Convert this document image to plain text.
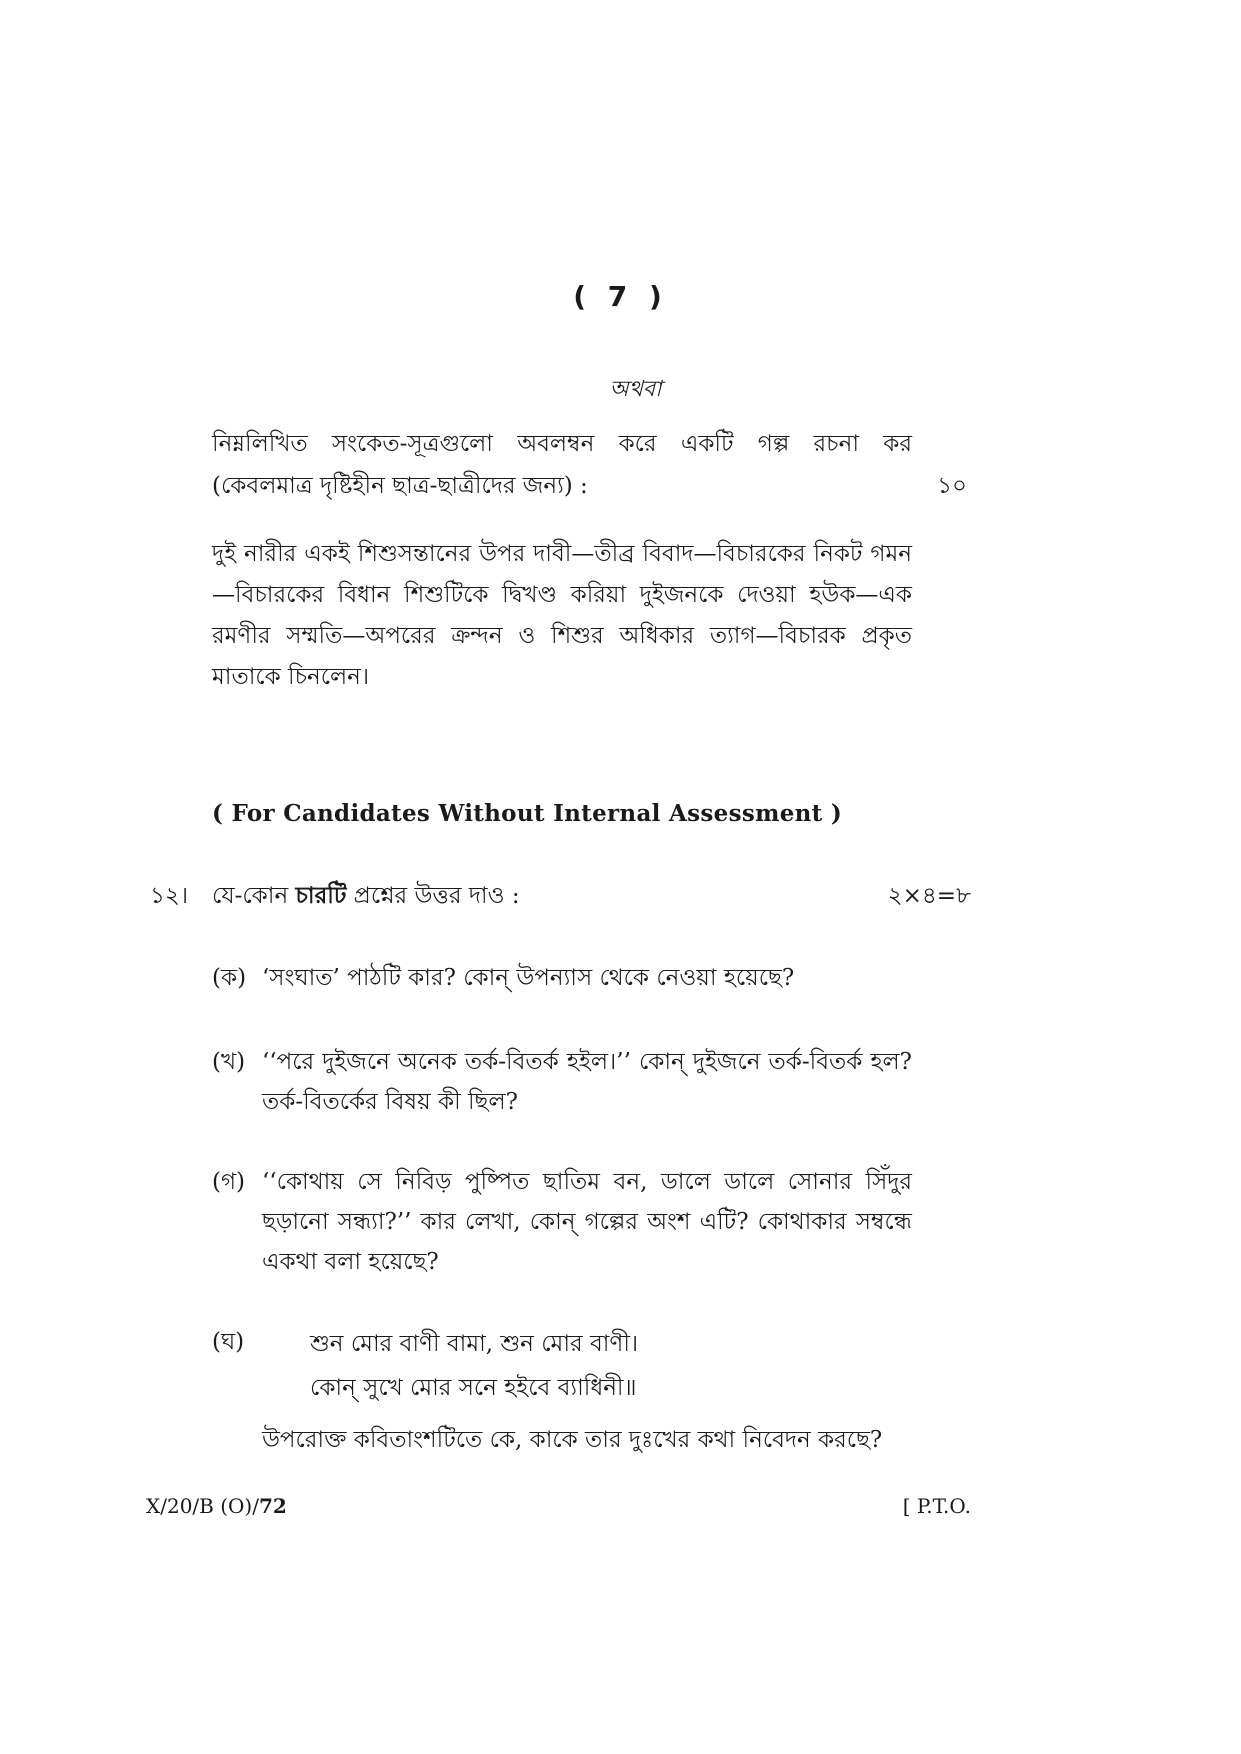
( 7 )
অথবা
নিম্নলিখিত সংকেত-সূত্রগুলো অবলম্বন করে একটি গল্প রচনা কর
(কেবলমাত্র দৃষ্টিহীন ছাত্র-ছাত্রীদের জন্য) :	১০
দুই নারীর একই শিশুসন্তানের উপর দাবী—তীব্র বিবাদ—বিচারকের নিকট গমন—বিচারকের বিধান শিশুটিকে দ্বিখণ্ড করিয়া দুইজনকে দেওয়া হউক—এক রমণীর সম্মতি—অপরের ক্রন্দন ও শিশুর অধিকার ত্যাগ—বিচারক প্রকৃত মাতাকে চিনলেন।
( For Candidates Without Internal Assessment )
১২। যে-কোন চারটি প্রশ্নের উত্তর দাও :	২×৪=৮
(ক) ‘সংঘাত’ পাঠটি কার? কোন্ উপন্যাস থেকে নেওয়া হয়েছে?
(খ) ‘‘পরে দুইজনে অনেক তর্ক-বিতর্ক হইল।’’ কোন্ দুইজনে তর্ক-বিতর্ক হল? তর্ক-বিতর্কের বিষয় কী ছিল?
(গ) ‘‘কোথায় সে নিবিড় পুষ্পিত ছাতিম বন, ডালে ডালে সোনার সিঁদুর ছড়ানো সন্ধ্যা?’’ কার লেখা, কোন্ গল্পের অংশ এটি? কোথাকার সম্বন্ধে একথা বলা হয়েছে?
(ঘ)	শুন মোর বাণী বামা, শুন মোর বাণী।
কোন্ সুখে মোর সনে হইবে ব্যাধিনী॥
উপরোক্ত কবিতাংশটিতে কে, কাকে তার দুঃখের কথা নিবেদন করছে?
X/20/B (O)/72	[ P.T.O.
